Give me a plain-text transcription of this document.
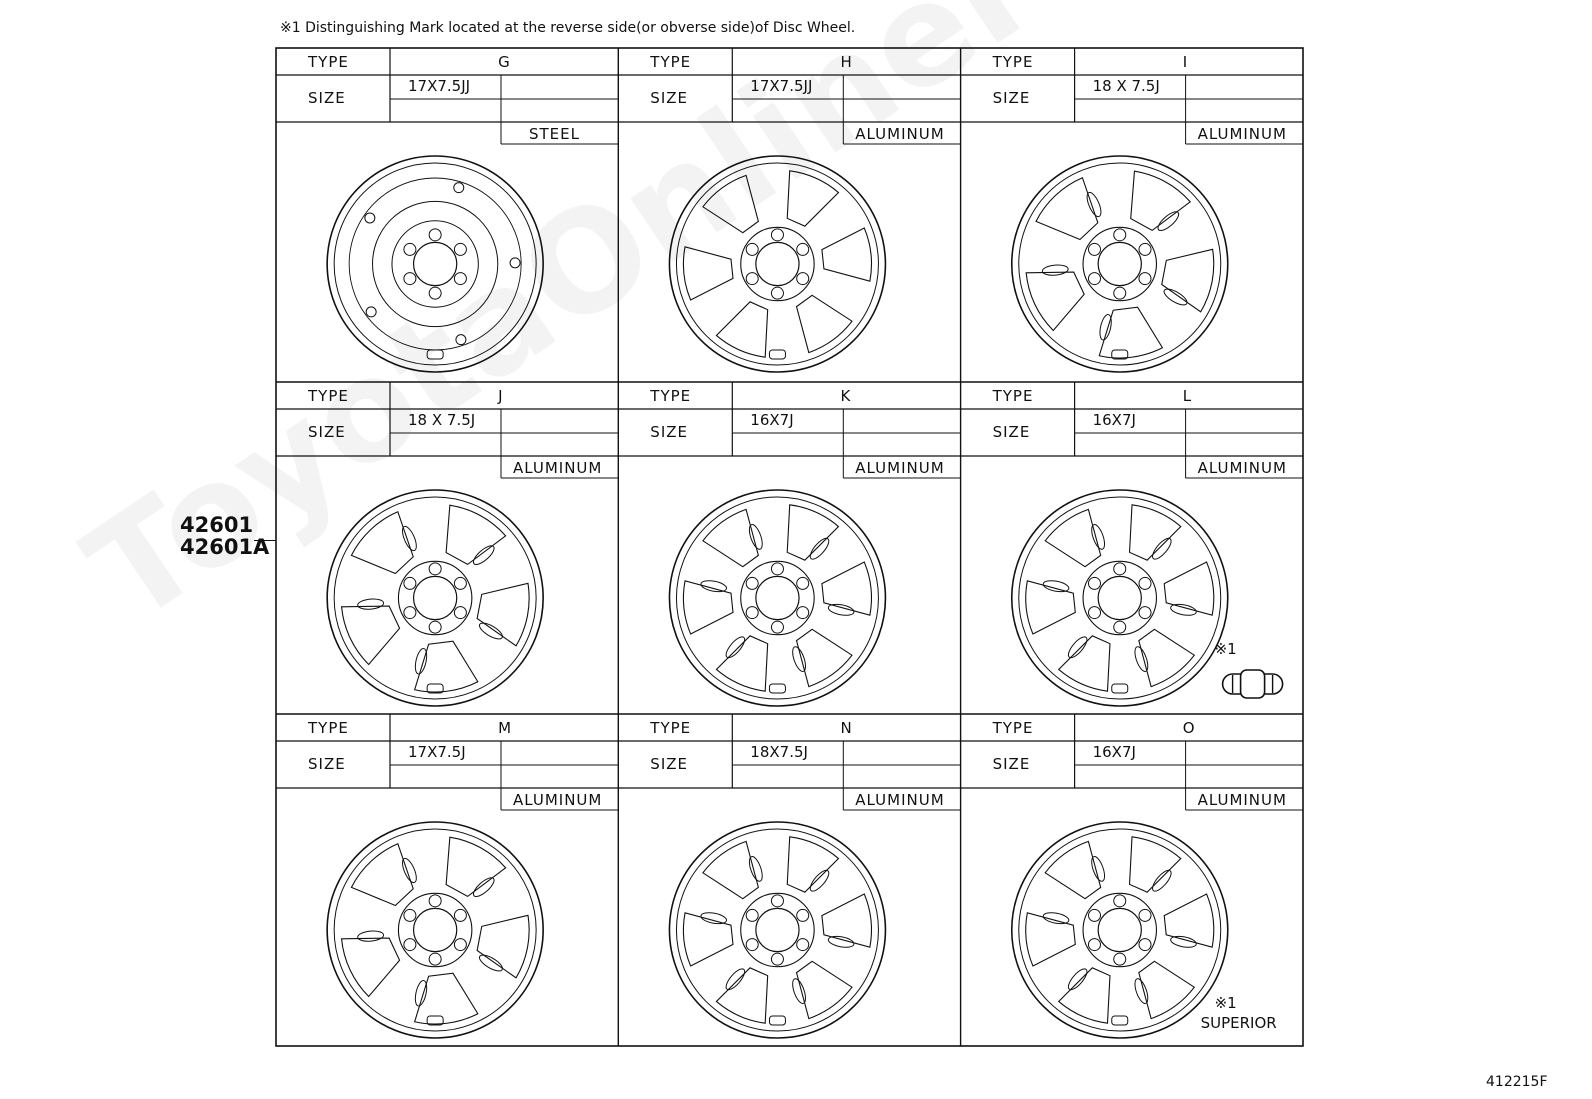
※1 Distinguishing Mark located at the reverse side(or obverse side)of Disc Wheel.
42601
42601A
412215F
TYPE	G
SIZE
17X7.5JJ
STEEL
TYPE	H
SIZE
17X7.5JJ
ALUMINUM
TYPE	I
SIZE
18 X 7.5J
ALUMINUM
TYPE	J
SIZE
18 X 7.5J
ALUMINUM
TYPE	K
SIZE
16X7J
ALUMINUM
TYPE	L
SIZE
16X7J
ALUMINUM
※1
TYPE	M
SIZE
17X7.5J
ALUMINUM
TYPE	N
SIZE
18X7.5J
ALUMINUM
TYPE	O
SIZE
16X7J
ALUMINUM
※1
SUPERIOR
